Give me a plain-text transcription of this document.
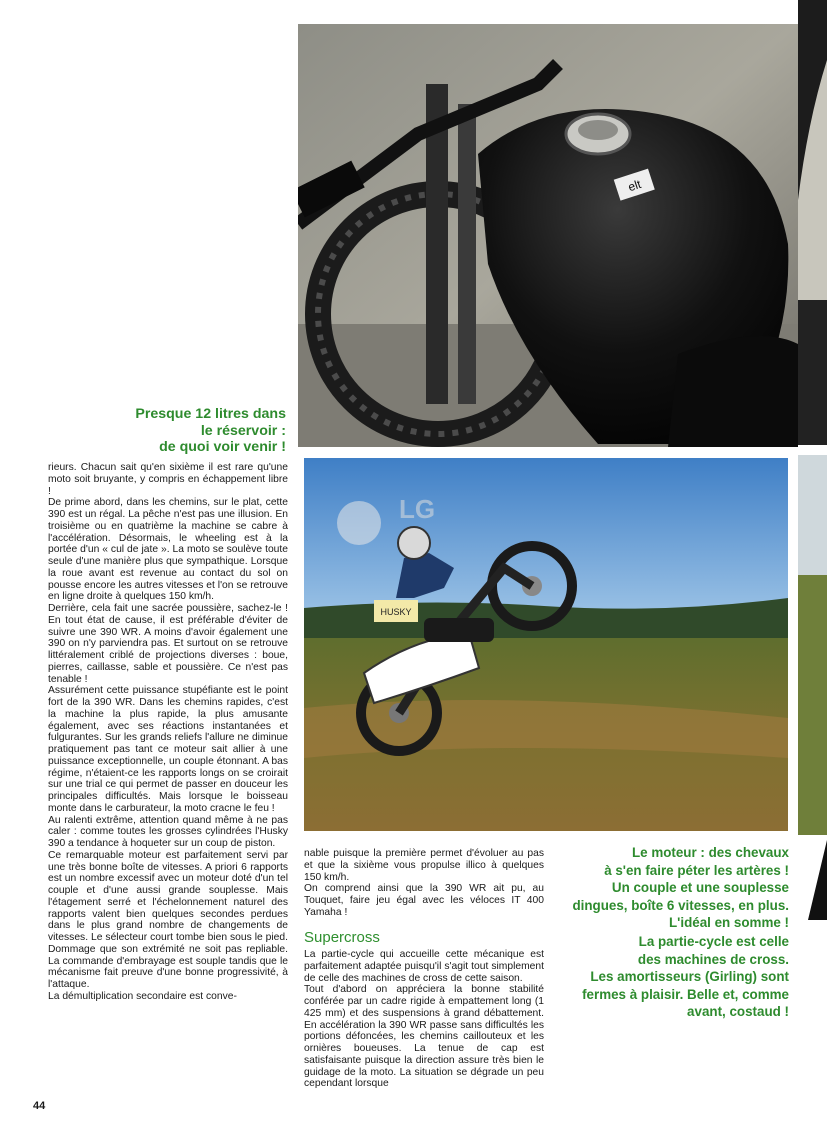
elt
HUSKY
LG
Presque 12 litres dans
le réservoir :
de quoi voir venir !
Le moteur : des chevaux
à s'en faire péter les artères !
Un couple et une souplesse
dingues, boîte 6 vitesses, en plus.
L'idéal en somme !
La partie-cycle est celle
des machines de cross.
Les amortisseurs (Girling) sont
fermes à plaisir. Belle et, comme
avant, costaud !

rieurs. Chacun sait qu'en sixième il est rare qu'une moto soit bruyante, y compris en échappement libre !

De prime abord, dans les chemins, sur le plat, cette 390 est un régal. La pêche n'est pas une illusion. En troisième ou en quatrième la machine se cabre à l'accélération. Désormais, le wheeling est à la portée d'un « cul de jate ». La moto se soulève toute seule d'une manière plus que sympathique. Lorsque la roue avant est revenue au contact du sol on pousse encore les autres vitesses et l'on se retrouve en ligne droite à quelques 150 km/h.

Derrière, cela fait une sacrée poussière, sachez-le ! En tout état de cause, il est préférable d'éviter de suivre une 390 WR. A moins d'avoir également une 390 on n'y parviendra pas. Et surtout on se retrouve littéralement criblé de projections diverses : boue, pierres, caillasse, sable et poussière. Ce n'est pas tenable !

Assurément cette puissance stupéfiante est le point fort de la 390 WR. Dans les chemins rapides, c'est la machine la plus rapide, la plus amusante également, avec ses réactions instantanées et fulgurantes. Sur les grands reliefs l'allure ne diminue pratiquement pas tant ce moteur sait allier à une puissance exceptionnelle, un couple étonnant. A bas régime, n'étaient-ce les rapports longs on se croirait sur une trial ce qui permet de passer en douceur les principales difficultés. Mais lorsque le boisseau monte dans le carburateur, la moto cracne le feu !

Au ralenti extrême, attention quand même à ne pas caler : comme toutes les grosses cylindrées l'Husky 390 a tendance à hoqueter sur un coup de piston.

Ce remarquable moteur est parfaitement servi par une très bonne boîte de vitesses. A priori 6 rapports est un nombre excessif avec un moteur doté d'un tel couple et d'une aussi grande souplesse. Mais l'étagement serré et l'échelonnement naturel des rapports valent bien quelques secondes perdues dans le plus grand nombre de changements de vitesses. Le sélecteur court tombe bien sous le pied. Dommage que son extrémité ne soit pas repliable. La commande d'embrayage est souple tandis que le mécanisme fait preuve d'une bonne progressivité, à l'attaque.

La démultiplication secondaire est conve-

nable puisque la première permet d'évoluer au pas et que la sixième vous propulse illico à quelques 150 km/h.

On comprend ainsi que la 390 WR ait pu, au Touquet, faire jeu égal avec les véloces IT 400 Yamaha !

Supercross

La partie-cycle qui accueille cette mécanique est parfaitement adaptée puisqu'il s'agit tout simplement de celle des machines de cross de cette saison.

Tout d'abord on appréciera la bonne stabilité conférée par un cadre rigide à empattement long (1 425 mm) et des suspensions à grand débattement. En accélération la 390 WR passe sans difficultés les portions défoncées, les chemins caillouteux et les ornières boueuses. La tenue de cap est satisfaisante puisque la direction assure très bien le guidage de la moto. La situation se dégrade un peu cependant lorsque

44
